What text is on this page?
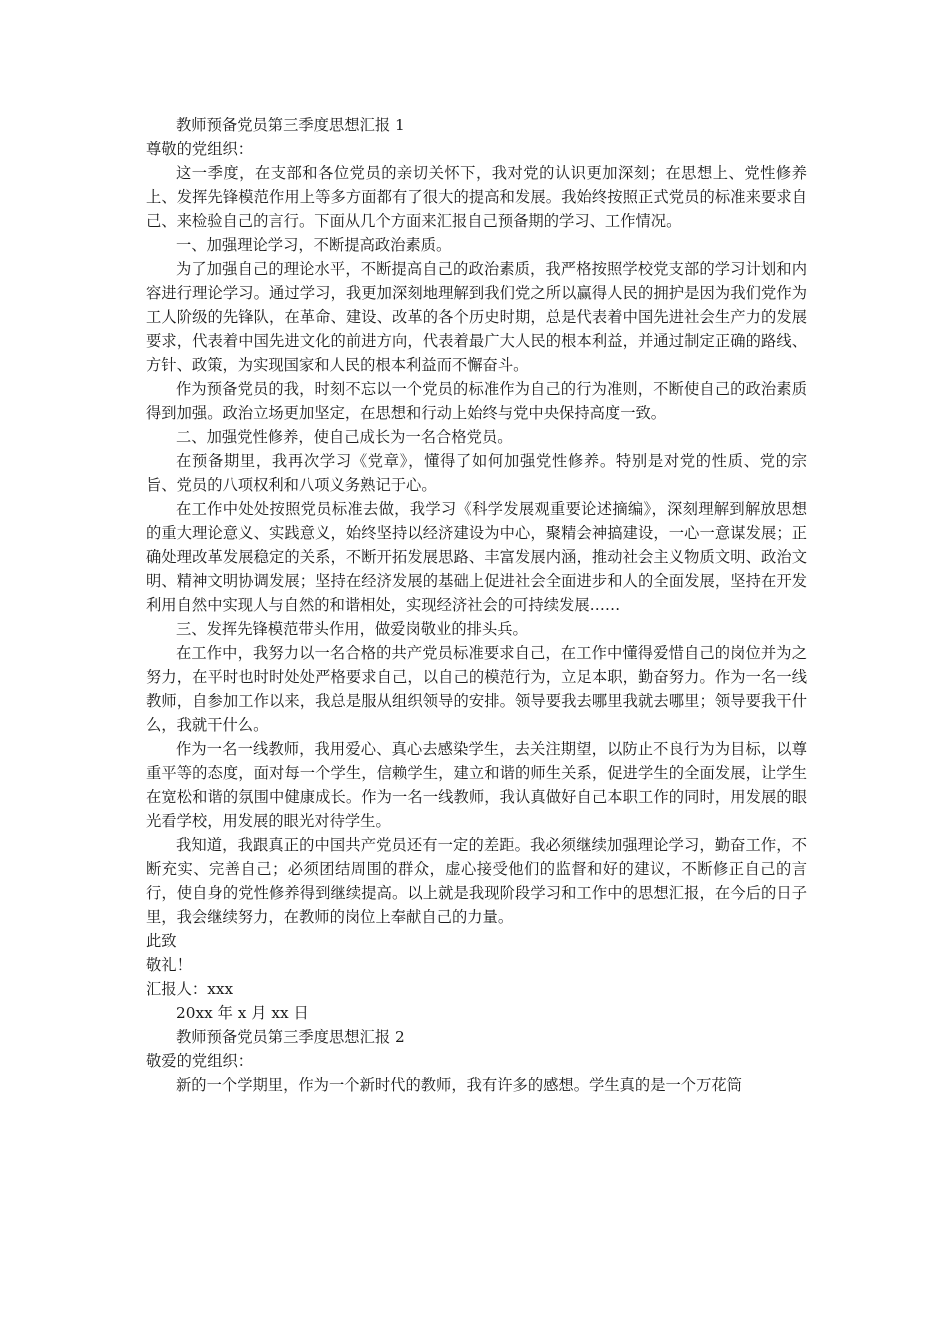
教师预备党员第三季度思想汇报 1

尊敬的党组织：

这一季度，在支部和各位党员的亲切关怀下，我对党的认识更加深刻；在思想上、党性修养上、发挥先锋模范作用上等多方面都有了很大的提高和发展。我始终按照正式党员的标准来要求自己、来检验自己的言行。下面从几个方面来汇报自己预备期的学习、工作情况。

一、加强理论学习，不断提高政治素质。

为了加强自己的理论水平，不断提高自己的政治素质，我严格按照学校党支部的学习计划和内容进行理论学习。通过学习，我更加深刻地理解到我们党之所以赢得人民的拥护是因为我们党作为工人阶级的先锋队，在革命、建设、改革的各个历史时期，总是代表着中国先进社会生产力的发展要求，代表着中国先进文化的前进方向，代表着最广大人民的根本利益，并通过制定正确的路线、方针、政策，为实现国家和人民的根本利益而不懈奋斗。

作为预备党员的我，时刻不忘以一个党员的标准作为自己的行为准则，不断使自己的政治素质得到加强。政治立场更加坚定，在思想和行动上始终与党中央保持高度一致。

二、加强党性修养，使自己成长为一名合格党员。

在预备期里，我再次学习《党章》，懂得了如何加强党性修养。特别是对党的性质、党的宗旨、党员的八项权利和八项义务熟记于心。

在工作中处处按照党员标准去做，我学习《科学发展观重要论述摘编》，深刻理解到解放思想的重大理论意义、实践意义，始终坚持以经济建设为中心，聚精会神搞建设，一心一意谋发展；正确处理改革发展稳定的关系，不断开拓发展思路、丰富发展内涵，推动社会主义物质文明、政治文明、精神文明协调发展；坚持在经济发展的基础上促进社会全面进步和人的全面发展，坚持在开发利用自然中实现人与自然的和谐相处，实现经济社会的可持续发展……

三、发挥先锋模范带头作用，做爱岗敬业的排头兵。

在工作中，我努力以一名合格的共产党员标准要求自己，在工作中懂得爱惜自己的岗位并为之努力，在平时也时时处处严格要求自己，以自己的模范行为，立足本职，勤奋努力。作为一名一线教师，自参加工作以来，我总是服从组织领导的安排。领导要我去哪里我就去哪里；领导要我干什么，我就干什么。

作为一名一线教师，我用爱心、真心去感染学生，去关注期望，以防止不良行为为目标，以尊重平等的态度，面对每一个学生，信赖学生，建立和谐的师生关系，促进学生的全面发展，让学生在宽松和谐的氛围中健康成长。作为一名一线教师，我认真做好自己本职工作的同时，用发展的眼光看学校，用发展的眼光对待学生。

我知道，我跟真正的中国共产党员还有一定的差距。我必须继续加强理论学习，勤奋工作，不断充实、完善自己；必须团结周围的群众，虚心接受他们的监督和好的建议，不断修正自己的言行，使自身的党性修养得到继续提高。以上就是我现阶段学习和工作中的思想汇报，在今后的日子里，我会继续努力，在教师的岗位上奉献自己的力量。

此致

敬礼！

汇报人：xxx

20xx 年 x 月 xx 日

教师预备党员第三季度思想汇报 2

敬爱的党组织：

新的一个学期里，作为一个新时代的教师，我有许多的感想。学生真的是一个万花筒
